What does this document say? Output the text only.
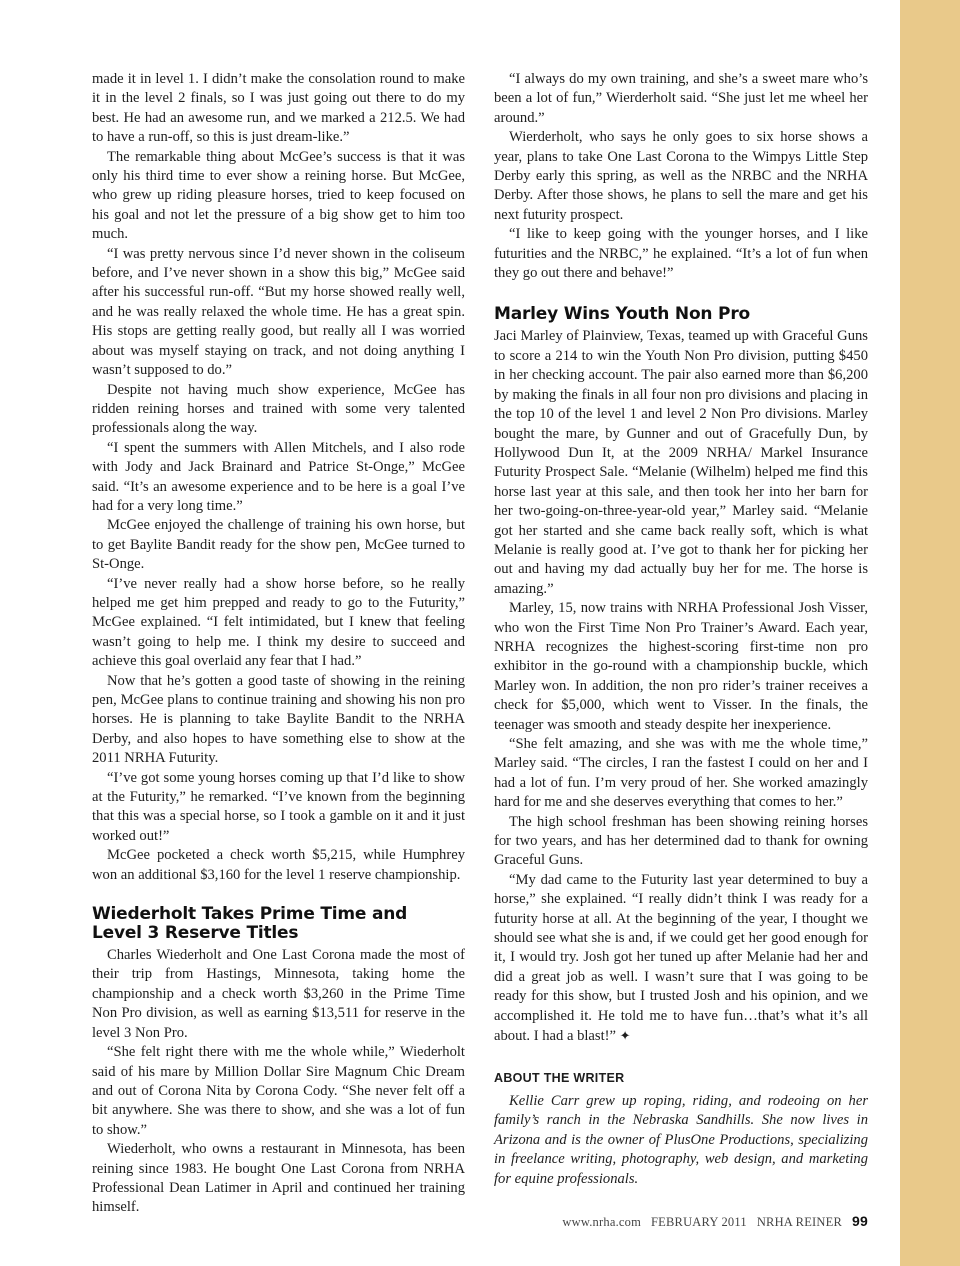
made it in level 1. I didn’t make the consolation round to make it in the level 2 finals, so I was just going out there to do my best. He had an awesome run, and we marked a 212.5. We had to have a run-off, so this is just dream-like.”

The remarkable thing about McGee’s success is that it was only his third time to ever show a reining horse. But McGee, who grew up riding pleasure horses, tried to keep focused on his goal and not let the pressure of a big show get to him too much.

“I was pretty nervous since I’d never shown in the coliseum before, and I’ve never shown in a show this big,” McGee said after his successful run-off. “But my horse showed really well, and he was really relaxed the whole time. He has a great spin. His stops are getting really good, but really all I was worried about was myself staying on track, and not doing anything I wasn’t supposed to do.”

Despite not having much show experience, McGee has ridden reining horses and trained with some very talented professionals along the way.

“I spent the summers with Allen Mitchels, and I also rode with Jody and Jack Brainard and Patrice St-Onge,” McGee said. “It’s an awesome experience and to be here is a goal I’ve had for a very long time.”

McGee enjoyed the challenge of training his own horse, but to get Baylite Bandit ready for the show pen, McGee turned to St-Onge.

“I’ve never really had a show horse before, so he really helped me get him prepped and ready to go to the Futurity,” McGee explained. “I felt intimidated, but I knew that feeling wasn’t going to help me. I think my desire to succeed and achieve this goal overlaid any fear that I had.”

Now that he’s gotten a good taste of showing in the reining pen, McGee plans to continue training and showing his non pro horses. He is planning to take Baylite Bandit to the NRHA Derby, and also hopes to have something else to show at the 2011 NRHA Futurity.

“I’ve got some young horses coming up that I’d like to show at the Futurity,” he remarked. “I’ve known from the beginning that this was a special horse, so I took a gamble on it and it just worked out!”

McGee pocketed a check worth $5,215, while Humphrey won an additional $3,160 for the level 1 reserve championship.

Wiederholt Takes Prime Time and
Level 3 Reserve Titles

Charles Wiederholt and One Last Corona made the most of their trip from Hastings, Minnesota, taking home the championship and a check worth $3,260 in the Prime Time Non Pro division, as well as earning $13,511 for reserve in the level 3 Non Pro.

“She felt right there with me the whole while,” Wiederholt said of his mare by Million Dollar Sire Magnum Chic Dream and out of Corona Nita by Corona Cody. “She never felt off a bit anywhere. She was there to show, and she was a lot of fun to show.”

Wiederholt, who owns a restaurant in Minnesota, has been reining since 1983. He bought One Last Corona from NRHA Professional Dean Latimer in April and continued her training himself.

“I always do my own training, and she’s a sweet mare who’s been a lot of fun,” Wierderholt said. “She just let me wheel her around.”

Wierderholt, who says he only goes to six horse shows a year, plans to take One Last Corona to the Wimpys Little Step Derby early this spring, as well as the NRBC and the NRHA Derby. After those shows, he plans to sell the mare and get his next futurity prospect.

“I like to keep going with the younger horses, and I like futurities and the NRBC,” he explained. “It’s a lot of fun when they go out there and behave!”

Marley Wins Youth Non Pro

Jaci Marley of Plainview, Texas, teamed up with Graceful Guns to score a 214 to win the Youth Non Pro division, putting $450 in her checking account. The pair also earned more than $6,200 by making the finals in all four non pro divisions and placing in the top 10 of the level 1 and level 2 Non Pro divisions. Marley bought the mare, by Gunner and out of Gracefully Dun, by Hollywood Dun It, at the 2009 NRHA/ Markel Insurance Futurity Prospect Sale. “Melanie (Wilhelm) helped me find this horse last year at this sale, and then took her into her barn for her two-going-on-three-year-old year,” Marley said. “Melanie got her started and she came back really soft, which is what Melanie is really good at. I’ve got to thank her for picking her out and having my dad actually buy her for me. The horse is amazing.”

Marley, 15, now trains with NRHA Professional Josh Visser, who won the First Time Non Pro Trainer’s Award. Each year, NRHA recognizes the highest-scoring first-time non pro exhibitor in the go-round with a championship buckle, which Marley won. In addition, the non pro rider’s trainer receives a check for $5,000, which went to Visser. In the finals, the teenager was smooth and steady despite her inexperience.

“She felt amazing, and she was with me the whole time,” Marley said. “The circles, I ran the fastest I could on her and I had a lot of fun. I’m very proud of her. She worked amazingly hard for me and she deserves everything that comes to her.”

The high school freshman has been showing reining horses for two years, and has her determined dad to thank for owning Graceful Guns.

“My dad came to the Futurity last year determined to buy a horse,” she explained. “I really didn’t think I was ready for a futurity horse at all. At the beginning of the year, I thought we should see what she is and, if we could get her good enough for it, I would try. Josh got her tuned up after Melanie had her and did a great job as well. I wasn’t sure that I was going to be ready for this show, but I trusted Josh and his opinion, and we accomplished it. He told me to have fun…that’s what it’s all about. I had a blast!” ✦

ABOUT THE WRITER

Kellie Carr grew up roping, riding, and rodeoing on her family’s ranch in the Nebraska Sandhills. She now lives in Arizona and is the owner of PlusOne Productions, specializing in freelance writing, photography, web design, and marketing for equine professionals.

www.nrha.com FEBRUARY 2011 NRHA REINER 99
